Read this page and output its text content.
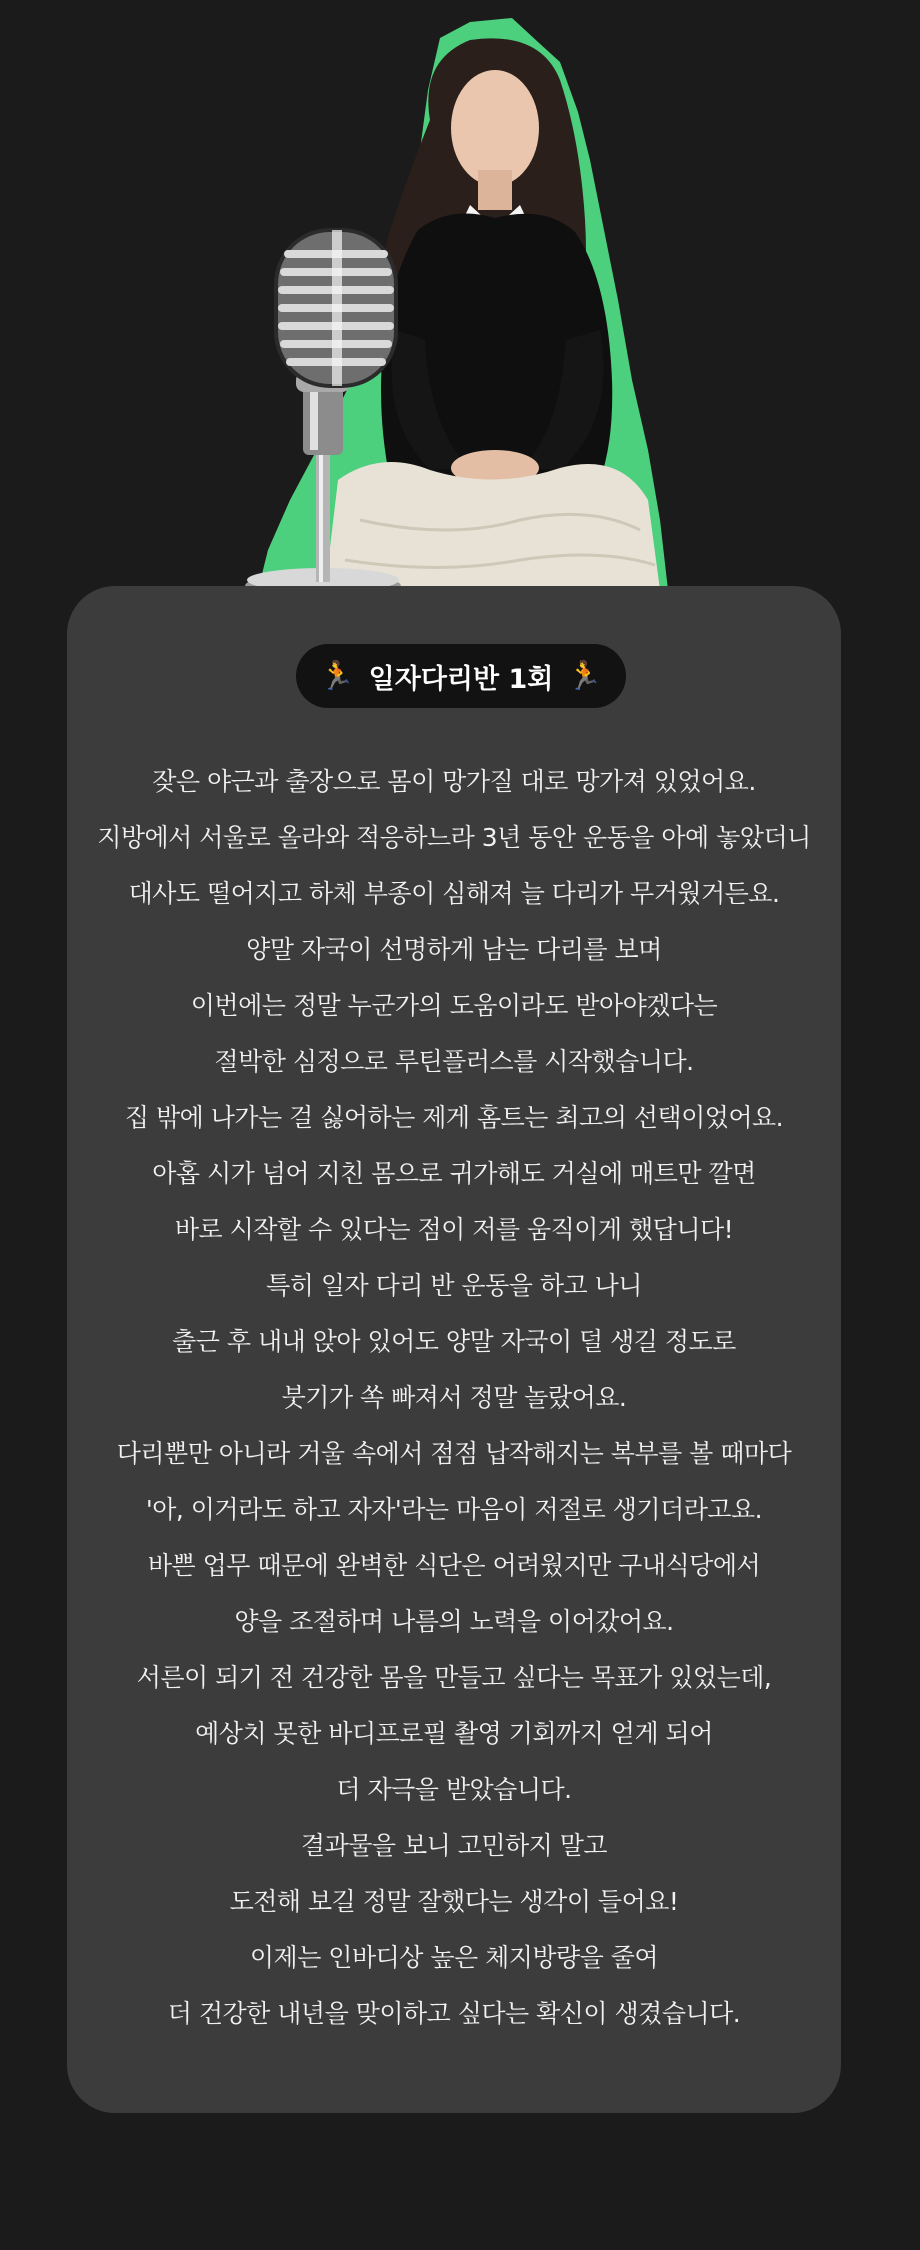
🏃 일자다리반 1회 🏃
잦은 야근과 출장으로 몸이 망가질 대로 망가져 있었어요.
지방에서 서울로 올라와 적응하느라 3년 동안 운동을 아예 놓았더니
대사도 떨어지고 하체 부종이 심해져 늘 다리가 무거웠거든요.
양말 자국이 선명하게 남는 다리를 보며
이번에는 정말 누군가의 도움이라도 받아야겠다는
절박한 심정으로 루틴플러스를 시작했습니다.
집 밖에 나가는 걸 싫어하는 제게 홈트는 최고의 선택이었어요.
아홉 시가 넘어 지친 몸으로 귀가해도 거실에 매트만 깔면
바로 시작할 수 있다는 점이 저를 움직이게 했답니다!
특히 일자 다리 반 운동을 하고 나니
출근 후 내내 앉아 있어도 양말 자국이 덜 생길 정도로
붓기가 쏙 빠져서 정말 놀랐어요.
다리뿐만 아니라 거울 속에서 점점 납작해지는 복부를 볼 때마다
'아, 이거라도 하고 자자'라는 마음이 저절로 생기더라고요.
바쁜 업무 때문에 완벽한 식단은 어려웠지만 구내식당에서
양을 조절하며 나름의 노력을 이어갔어요.
서른이 되기 전 건강한 몸을 만들고 싶다는 목표가 있었는데,
예상치 못한 바디프로필 촬영 기회까지 얻게 되어
더 자극을 받았습니다.
결과물을 보니 고민하지 말고
도전해 보길 정말 잘했다는 생각이 들어요!
이제는 인바디상 높은 체지방량을 줄여
더 건강한 내년을 맞이하고 싶다는 확신이 생겼습니다.
